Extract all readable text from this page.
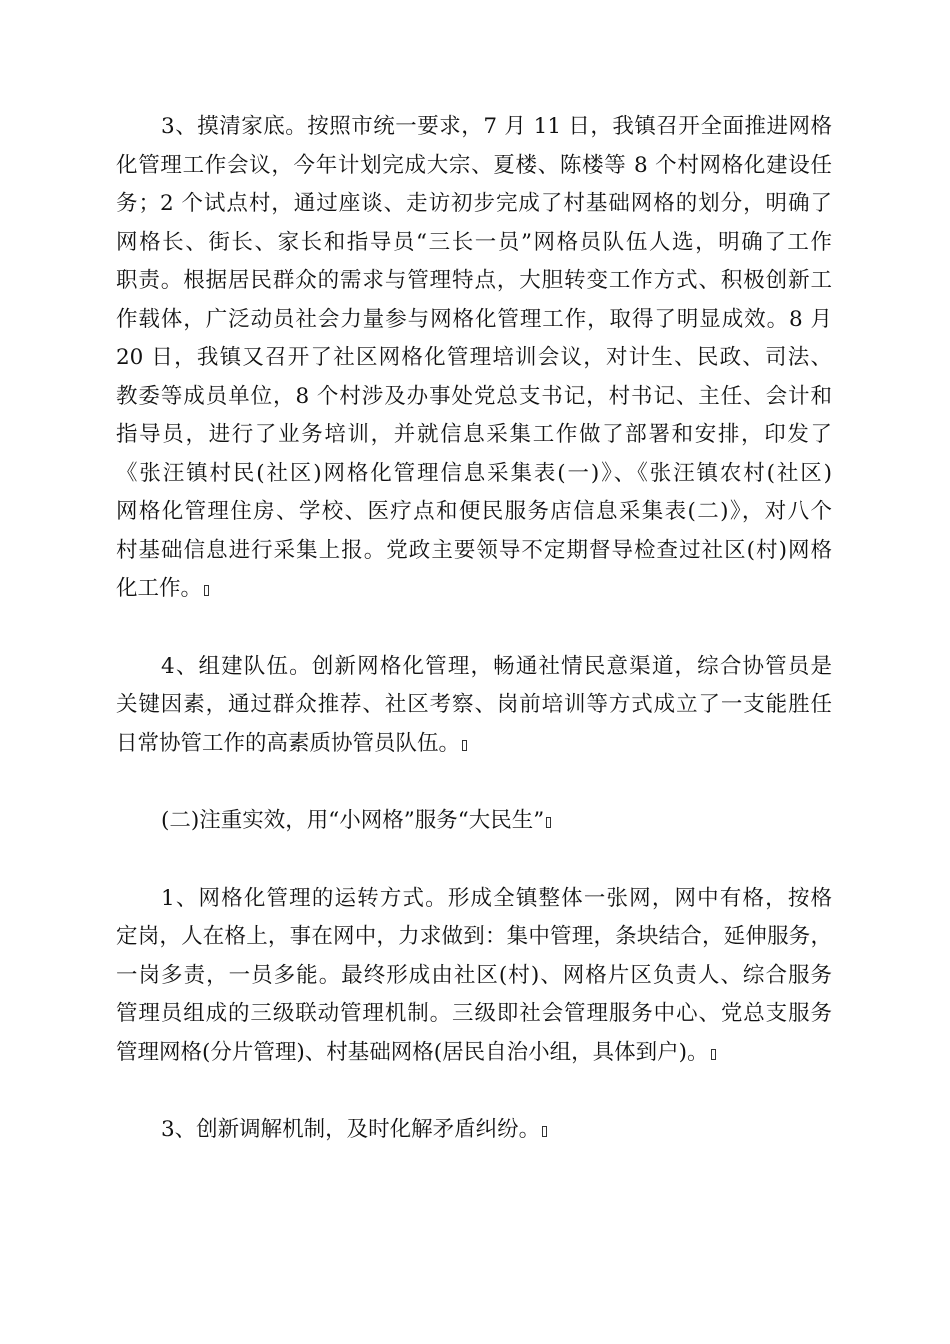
3、摸清家底。按照市统一要求，7 月 11 日，我镇召开全面推进网格
化管理工作会议，今年计划完成大宗、夏楼、陈楼等 8 个村网格化建设任
务；2 个试点村，通过座谈、走访初步完成了村基础网格的划分，明确了
网格长、街长、家长和指导员“三长一员”网格员队伍人选，明确了工作
职责。根据居民群众的需求与管理特点，大胆转变工作方式、积极创新工
作载体，广泛动员社会力量参与网格化管理工作，取得了明显成效。8 月
20 日，我镇又召开了社区网格化管理培训会议，对计生、民政、司法、
教委等成员单位，8 个村涉及办事处党总支书记，村书记、主任、会计和
指导员，进行了业务培训，并就信息采集工作做了部署和安排，印发了
《张汪镇村民(社区)网格化管理信息采集表(一)》、《张汪镇农村(社区)
网格化管理住房、学校、医疗点和便民服务店信息采集表(二)》，对八个
村基础信息进行采集上报。党政主要领导不定期督导检查过社区(村)网格
化工作。
4、组建队伍。创新网格化管理，畅通社情民意渠道，综合协管员是
关键因素，通过群众推荐、社区考察、岗前培训等方式成立了一支能胜任
日常协管工作的高素质协管员队伍。
(二)注重实效，用“小网格”服务“大民生”
1、网格化管理的运转方式。形成全镇整体一张网，网中有格，按格
定岗，人在格上，事在网中，力求做到：集中管理，条块结合，延伸服务，
一岗多责，一员多能。最终形成由社区(村)、网格片区负责人、综合服务
管理员组成的三级联动管理机制。三级即社会管理服务中心、党总支服务
管理网格(分片管理)、村基础网格(居民自治小组，具体到户)。
3、创新调解机制，及时化解矛盾纠纷。
